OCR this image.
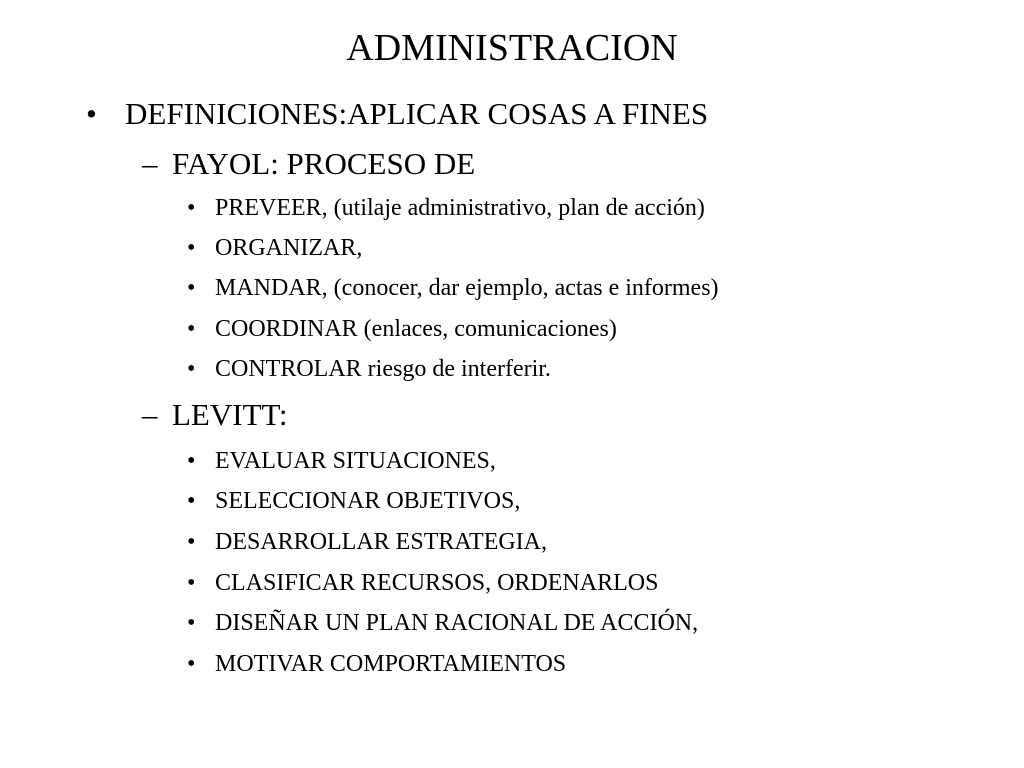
ADMINISTRACION
• DEFINICIONES:APLICAR COSAS A FINES
– FAYOL: PROCESO DE
• PREVEER, (utilaje administrativo, plan de acción)
• ORGANIZAR,
• MANDAR, (conocer, dar ejemplo, actas e informes)
• COORDINAR (enlaces, comunicaciones)
• CONTROLAR riesgo de interferir.
– LEVITT:
• EVALUAR SITUACIONES,
• SELECCIONAR OBJETIVOS,
• DESARROLLAR ESTRATEGIA,
• CLASIFICAR RECURSOS, ORDENARLOS
• DISEÑAR UN PLAN RACIONAL DE ACCIÓN,
• MOTIVAR COMPORTAMIENTOS
